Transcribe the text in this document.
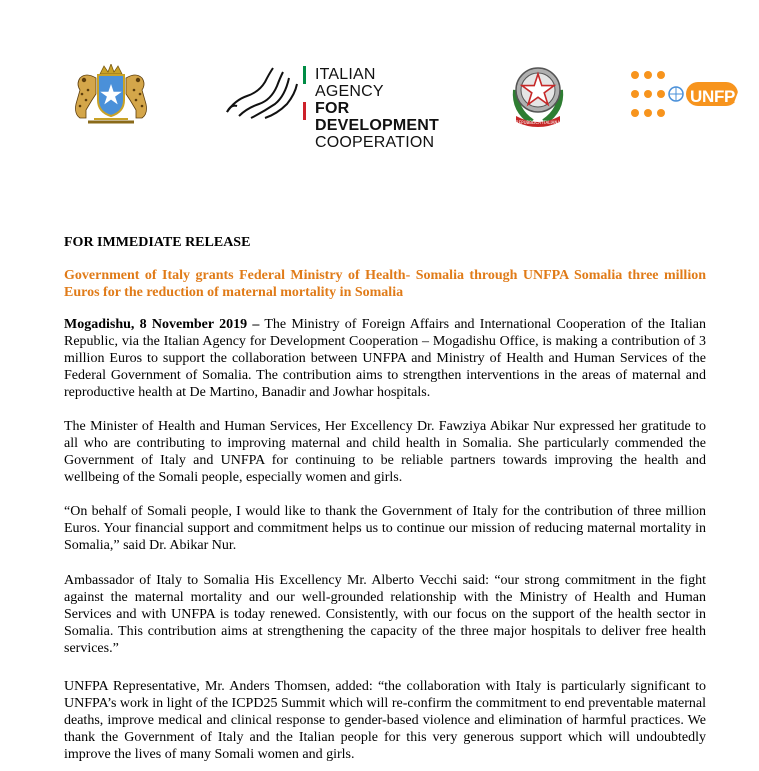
ITALIAN AGENCY
FOR DEVELOPMENT
COOPERATION
REPUBBLICA ITALIANA
UNFPA

FOR IMMEDIATE RELEASE

Government of Italy grants Federal Ministry of Health- Somalia through UNFPA Somalia three million Euros for the reduction of maternal mortality in Somalia

Mogadishu, 8 November 2019 – The Ministry of Foreign Affairs and International Cooperation of the Italian Republic, via the Italian Agency for Development Cooperation – Mogadishu Office, is making a contribution of 3 million Euros to support the collaboration between UNFPA and Ministry of Health and Human Services of the Federal Government of Somalia. The contribution aims to strengthen interventions in the areas of maternal and reproductive health at De Martino, Banadir and Jowhar hospitals.

The Minister of Health and Human Services, Her Excellency Dr. Fawziya Abikar Nur expressed her gratitude to all who are contributing to improving maternal and child health in Somalia. She particularly commended the Government of Italy and UNFPA for continuing to be reliable partners towards improving the health and wellbeing of the Somali people, especially women and girls.

“On behalf of Somali people, I would like to thank the Government of Italy for the contribution of three million Euros. Your financial support and commitment helps us to continue our mission of reducing maternal mortality in Somalia,” said Dr. Abikar Nur.

Ambassador of Italy to Somalia His Excellency Mr. Alberto Vecchi said: “our strong commitment in the fight against the maternal mortality and our well-grounded relationship with the Ministry of Health and Human Services and with UNFPA is today renewed. Consistently, with our focus on the support of the health sector in Somalia. This contribution aims at strengthening the capacity of the three major hospitals to deliver free health services.”

UNFPA Representative, Mr. Anders Thomsen, added: “the collaboration with Italy is particularly significant to UNFPA’s work in light of the ICPD25 Summit which will re-confirm the commitment to end preventable maternal deaths, improve medical and clinical response to gender-based violence and elimination of harmful practices. We thank the Government of Italy and the Italian people for this very generous support which will undoubtedly improve the lives of many Somali women and girls.
